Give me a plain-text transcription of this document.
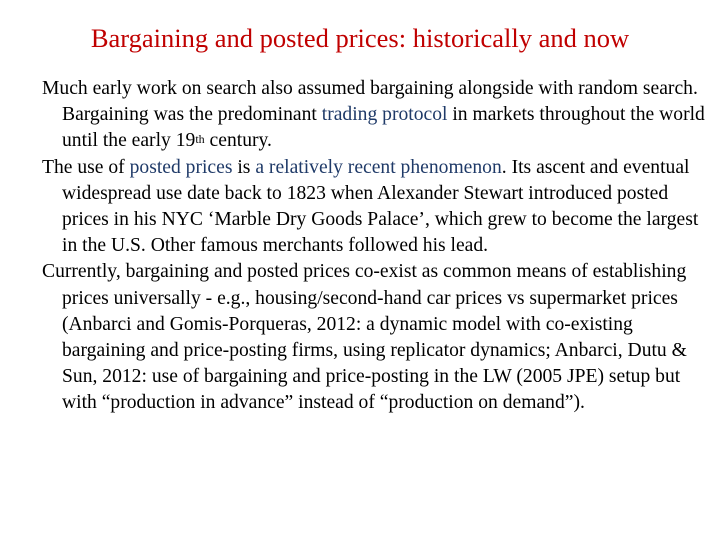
Bargaining and posted prices: historically and now

Much early work on search also assumed bargaining alongside with random search. Bargaining was the predominant trading protocol in markets throughout the world until the early 19th century.

The use of posted prices is a relatively recent phenomenon. Its ascent and eventual widespread use date back to 1823 when Alexander Stewart introduced posted prices in his NYC ‘Marble Dry Goods Palace’, which grew to become the largest in the U.S. Other famous merchants followed his lead.

Currently, bargaining and posted prices co-exist as common means of establishing prices universally - e.g., housing/second-hand car prices vs supermarket prices (Anbarci and Gomis-Porqueras, 2012: a dynamic model with co-existing bargaining and price-posting firms, using replicator dynamics; Anbarci, Dutu & Sun, 2012: use of bargaining and price-posting in the LW (2005 JPE) setup but with “production in advance” instead of “production on demand”).
